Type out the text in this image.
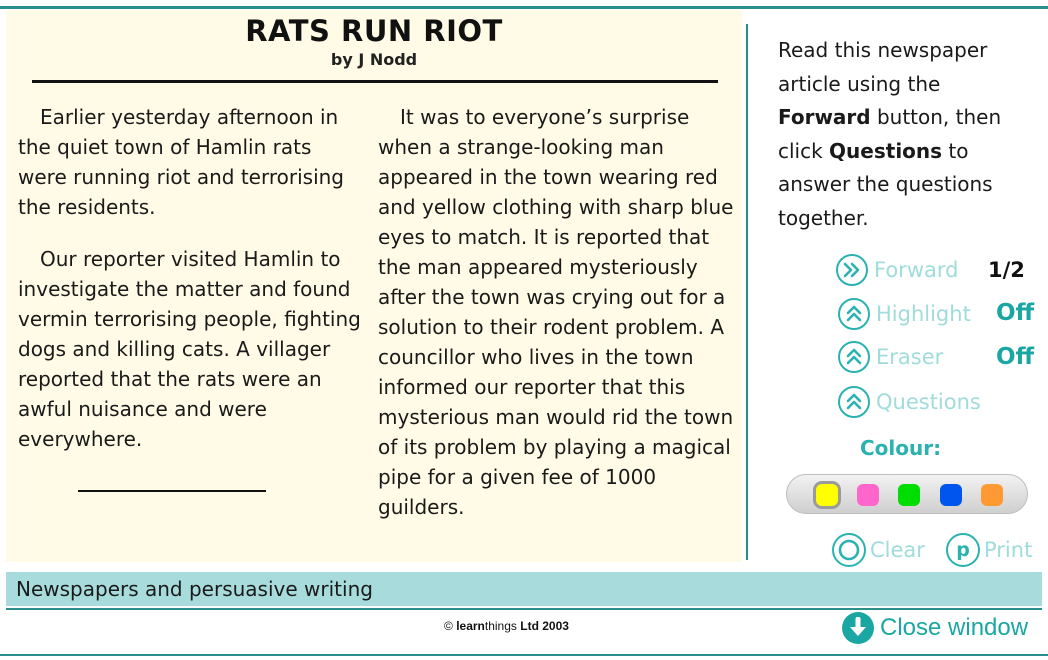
RATS RUN RIOT
by J Nodd

Earlier yesterday afternoon in the quiet town of Hamlin rats were running riot and terrorising the residents.

Our reporter visited Hamlin to investigate the matter and found vermin terrorising people, fighting dogs and killing cats. A villager reported that the rats were an awful nuisance and were everywhere.

It was to everyone’s surprise when a strange-looking man appeared in the town wearing red and yellow clothing with sharp blue eyes to match. It is reported that the man appeared mysteriously after the town was crying out for a solution to their rodent problem. A councillor who lives in the town informed our reporter that this mysterious man would rid the town of its problem by playing a magical pipe for a given fee of 1000 guilders.

Read this newspaper article using the Forward button, then click Questions to answer the questions together.
Forward 1/2
Highlight Off
Eraser Off
Questions
Colour:
Clear	p Print
Newspapers and persuasive writing
© learnthings Ltd 2003	Close window
